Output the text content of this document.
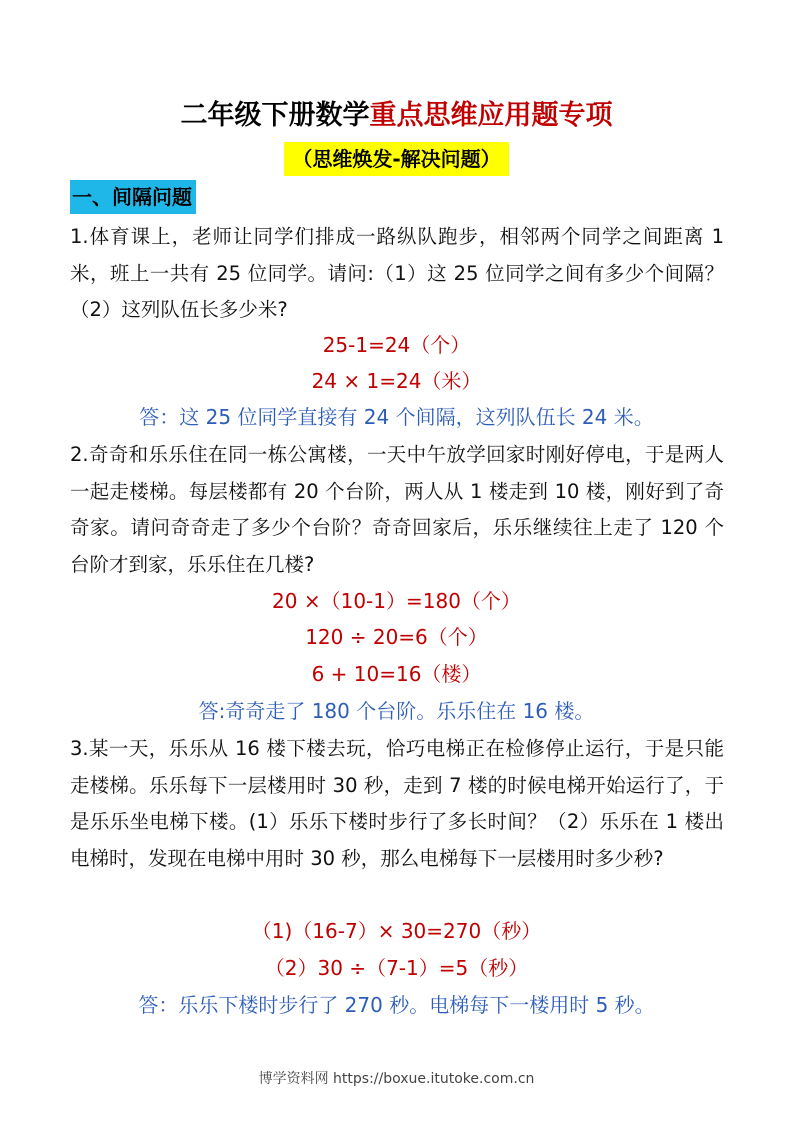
二年级下册数学重点思维应用题专项
（思维焕发-解决问题）
一、间隔问题
1.体育课上，老师让同学们排成一路纵队跑步，相邻两个同学之间距离 1 米，班上一共有 25 位同学。请问:（1）这 25 位同学之间有多少个间隔？（2）这列队伍长多少米?
25-1=24（个）
24 × 1=24（米）
答：这 25 位同学直接有 24 个间隔，这列队伍长 24 米。
2.奇奇和乐乐住在同一栋公寓楼，一天中午放学回家时刚好停电，于是两人一起走楼梯。每层楼都有 20 个台阶，两人从 1 楼走到 10 楼，刚好到了奇奇家。请问奇奇走了多少个台阶？奇奇回家后，乐乐继续往上走了 120 个台阶才到家，乐乐住在几楼?
20 ×（10-1）=180（个）
120 ÷ 20=6（个）
6 + 10=16（楼）
答:奇奇走了 180 个台阶。乐乐住在 16 楼。
3.某一天，乐乐从 16 楼下楼去玩，恰巧电梯正在检修停止运行，于是只能走楼梯。乐乐每下一层楼用时 30 秒，走到 7 楼的时候电梯开始运行了，于是乐乐坐电梯下楼。(1）乐乐下楼时步行了多长时间？（2）乐乐在 1 楼出电梯时，发现在电梯中用时 30 秒，那么电梯每下一层楼用时多少秒?
（1)（16-7）× 30=270（秒）
（2）30 ÷（7-1）=5（秒）
答：乐乐下楼时步行了 270 秒。电梯每下一楼用时 5 秒。
博学资料网 https://boxue.itutoke.com.cn
